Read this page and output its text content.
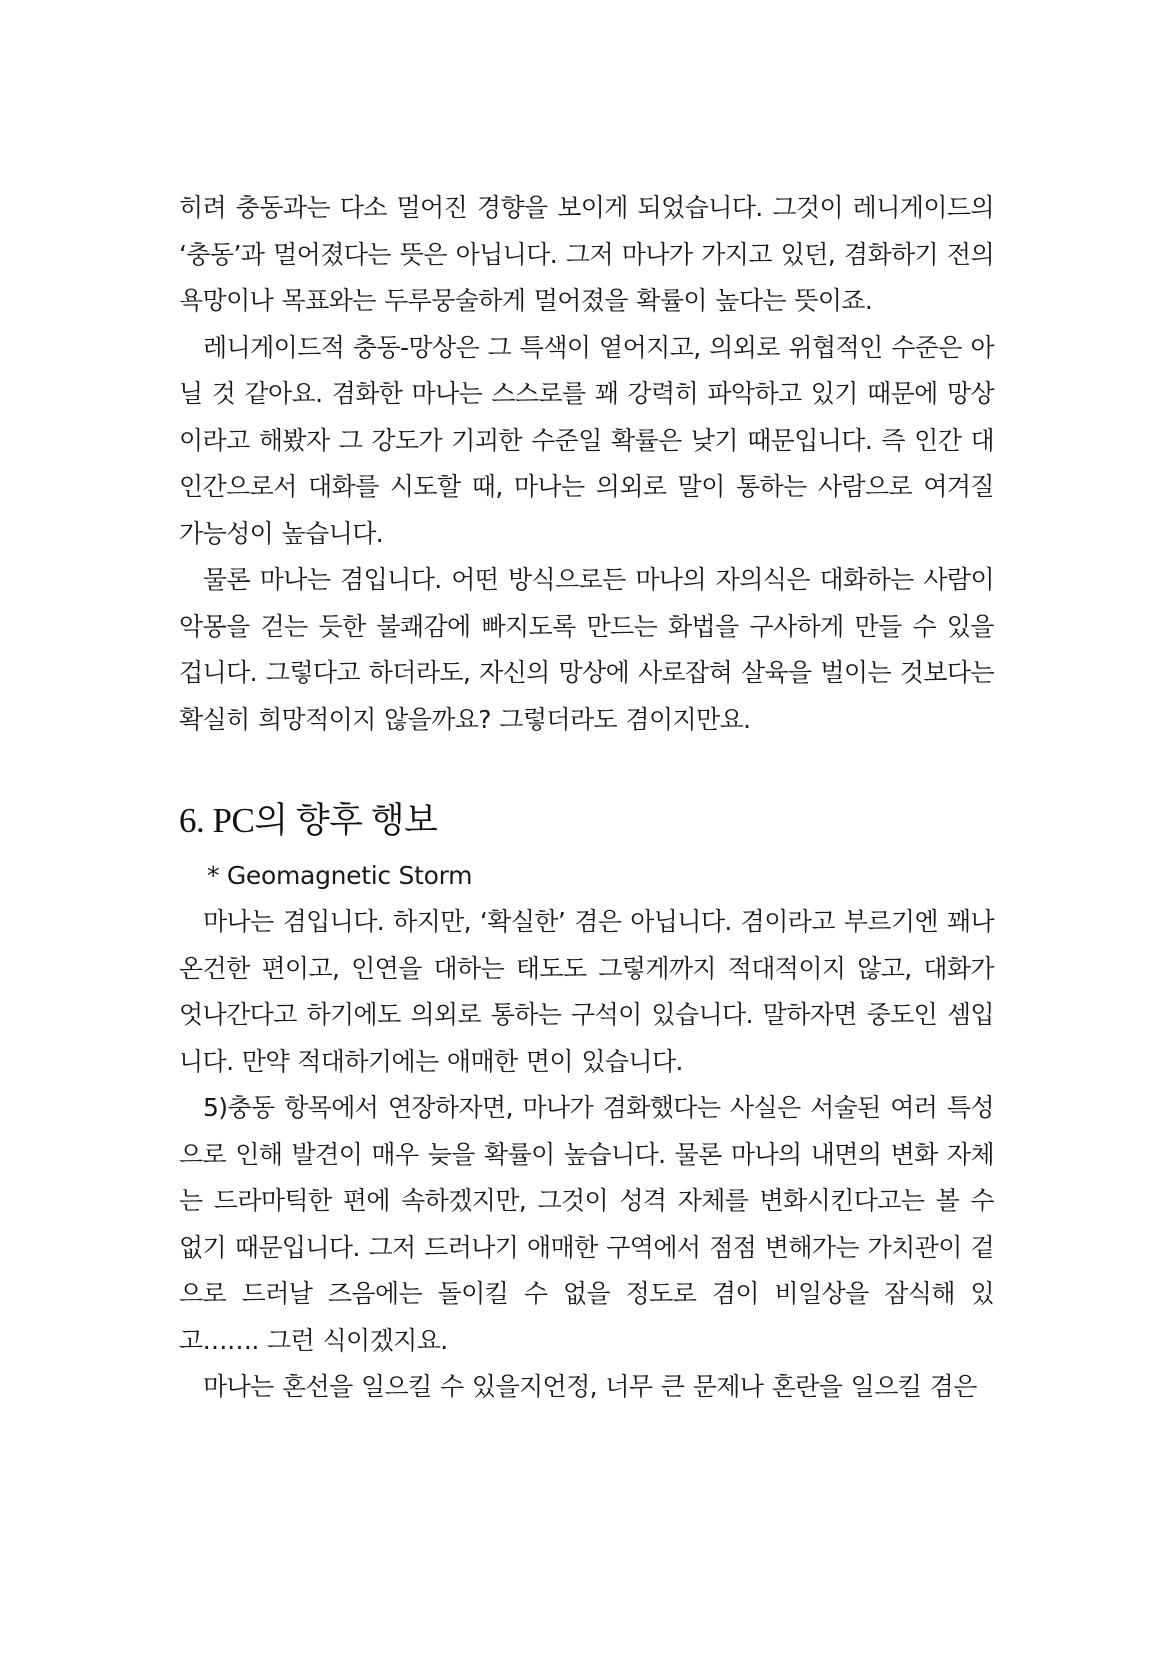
히려 충동과는 다소 멀어진 경향을 보이게 되었습니다. 그것이 레니게이드의 ‘충동’과 멀어졌다는 뜻은 아닙니다. 그저 마나가 가지고 있던, 겸화하기 전의 욕망이나 목표와는 두루뭉술하게 멀어졌을 확률이 높다는 뜻이죠.

레니게이드적 충동-망상은 그 특색이 옅어지고, 의외로 위협적인 수준은 아닐 것 같아요. 겸화한 마나는 스스로를 꽤 강력히 파악하고 있기 때문에 망상이라고 해봤자 그 강도가 기괴한 수준일 확률은 낮기 때문입니다. 즉 인간 대 인간으로서 대화를 시도할 때, 마나는 의외로 말이 통하는 사람으로 여겨질 가능성이 높습니다.

물론 마나는 겸입니다. 어떤 방식으로든 마나의 자의식은 대화하는 사람이 악몽을 걷는 듯한 불쾌감에 빠지도록 만드는 화법을 구사하게 만들 수 있을 겁니다. 그렇다고 하더라도, 자신의 망상에 사로잡혀 살육을 벌이는 것보다는 확실히 희망적이지 않을까요? 그렇더라도 겸이지만요.

6. PC의 향후 행보

* Geomagnetic Storm

마나는 겸입니다. 하지만, ‘확실한’ 겸은 아닙니다. 겸이라고 부르기엔 꽤나 온건한 편이고, 인연을 대하는 태도도 그렇게까지 적대적이지 않고, 대화가 엇나간다고 하기에도 의외로 통하는 구석이 있습니다. 말하자면 중도인 셈입니다. 만약 적대하기에는 애매한 면이 있습니다.

5)충동 항목에서 연장하자면, 마나가 겸화했다는 사실은 서술된 여러 특성으로 인해 발견이 매우 늦을 확률이 높습니다. 물론 마나의 내면의 변화 자체는 드라마틱한 편에 속하겠지만, 그것이 성격 자체를 변화시킨다고는 볼 수 없기 때문입니다. 그저 드러나기 애매한 구역에서 점점 변해가는 가치관이 겉으로 드러날 즈음에는 돌이킬 수 없을 정도로 겸이 비일상을 잠식해 있고……. 그런 식이겠지요.

마나는 혼선을 일으킬 수 있을지언정, 너무 큰 문제나 혼란을 일으킬 겸은
